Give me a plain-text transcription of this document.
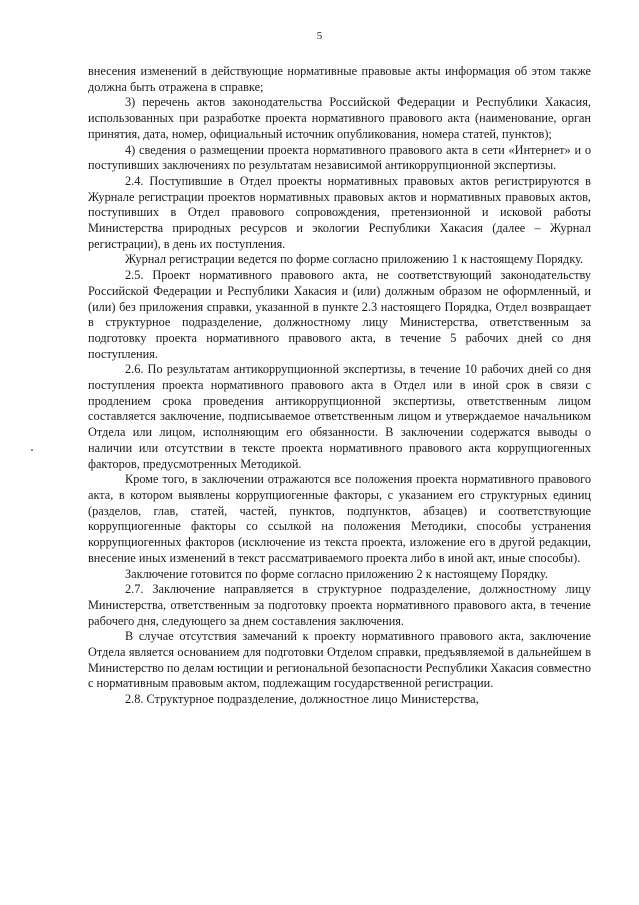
5

внесения изменений в действующие нормативные правовые акты информация об этом также должна быть отражена в справке;

3) перечень актов законодательства Российской Федерации и Республики Хакасия, использованных при разработке проекта нормативного правового акта (наименование, орган принятия, дата, номер, официальный источник опубликования, номера статей, пунктов);

4) сведения о размещении проекта нормативного правового акта в сети «Интернет» и о поступивших заключениях по результатам независимой антикоррупционной экспертизы.

2.4. Поступившие в Отдел проекты нормативных правовых актов регистрируются в Журнале регистрации проектов нормативных правовых актов и нормативных правовых актов, поступивших в Отдел правового сопровождения, претензионной и исковой работы Министерства природных ресурсов и экологии Республики Хакасия (далее – Журнал регистрации), в день их поступления.

Журнал регистрации ведется по форме согласно приложению 1 к настоящему Порядку.

2.5. Проект нормативного правового акта, не соответствующий законодательству Российской Федерации и Республики Хакасия и (или) должным образом не оформленный, и (или) без приложения справки, указанной в пункте 2.3 настоящего Порядка, Отдел возвращает в структурное подразделение, должностному лицу Министерства, ответственным за подготовку проекта нормативного правового акта, в течение 5 рабочих дней со дня поступления.

2.6. По результатам антикоррупционной экспертизы, в течение 10 рабочих дней со дня поступления проекта нормативного правового акта в Отдел или в иной срок в связи с продлением срока проведения антикоррупционной экспертизы, ответственным лицом составляется заключение, подписываемое ответственным лицом и утверждаемое начальником Отдела или лицом, исполняющим его обязанности. В заключении содержатся выводы о наличии или отсутствии в тексте проекта нормативного правового акта коррупциогенных факторов, предусмотренных Методикой.

Кроме того, в заключении отражаются все положения проекта нормативного правового акта, в котором выявлены коррупциогенные факторы, с указанием его структурных единиц (разделов, глав, статей, частей, пунктов, подпунктов, абзацев) и соответствующие коррупциогенные факторы со ссылкой на положения Методики, способы устранения коррупциогенных факторов (исключение из текста проекта, изложение его в другой редакции, внесение иных изменений в текст рассматриваемого проекта либо в иной акт, иные способы).

Заключение готовится по форме согласно приложению 2 к настоящему Порядку.

2.7. Заключение направляется в структурное подразделение, должностному лицу Министерства, ответственным за подготовку проекта нормативного правового акта, в течение рабочего дня, следующего за днем составления заключения.

В случае отсутствия замечаний к проекту нормативного правового акта, заключение Отдела является основанием для подготовки Отделом справки, предъявляемой в дальнейшем в Министерство по делам юстиции и региональной безопасности Республики Хакасия совместно с нормативным правовым актом, подлежащим государственной регистрации.

2.8. Структурное подразделение, должностное лицо Министерства,
